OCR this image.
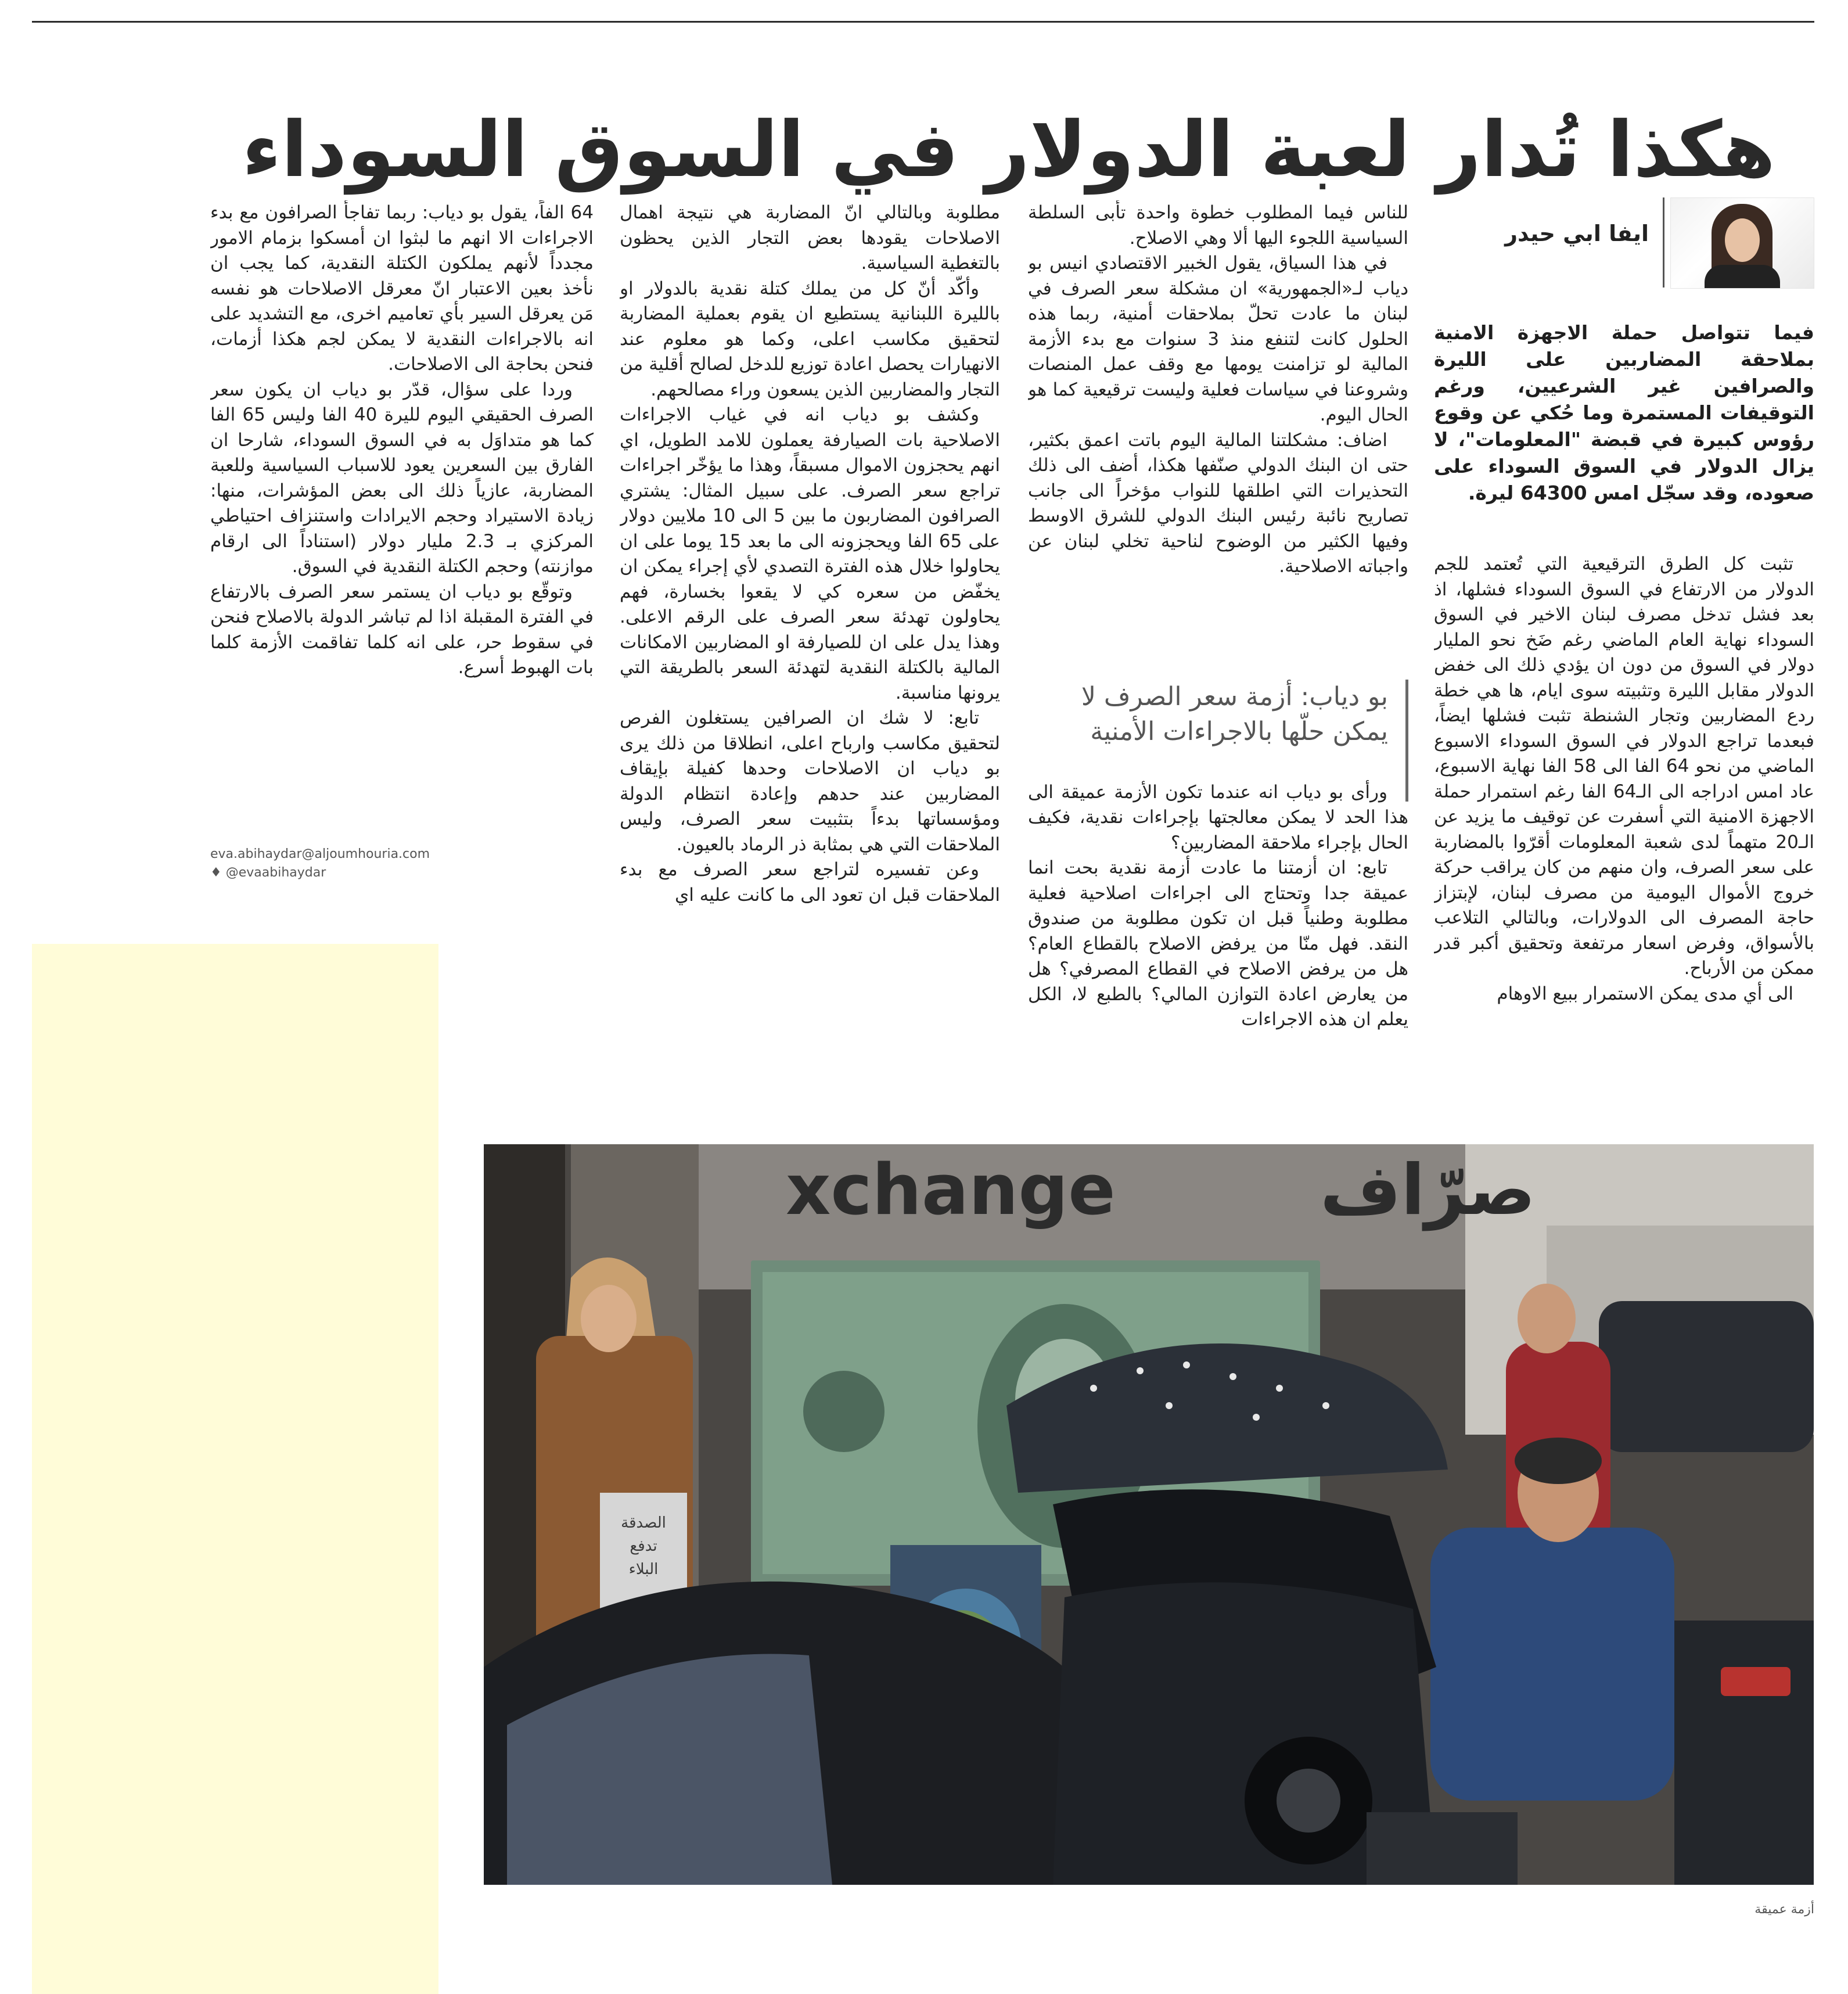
هكذا تُدار لعبة الدولار في السوق السوداء
ايفا ابي حيدر
فيما تتواصل حملة الاجهزة الامنية بملاحقة المضاربين على الليرة والصرافين غير الشرعيين، ورغم التوقيفات المستمرة وما حُكي عن وقوع رؤوس كبيرة في قبضة "المعلومات"، لا يزال الدولار في السوق السوداء على صعوده، وقد سجّل امس 64300 ليرة.

تثبت كل الطرق الترقيعية التي تُعتمد للجم الدولار من الارتفاع في السوق السوداء فشلها، اذ بعد فشل تدخل مصرف لبنان الاخير في السوق السوداء نهاية العام الماضي رغم ضَخ نحو المليار دولار في السوق من دون ان يؤدي ذلك الى خفض الدولار مقابل الليرة وتثبيته سوى ايام، ها هي خطة ردع المضاربين وتجار الشنطة تثبت فشلها ايضاً، فبعدما تراجع الدولار في السوق السوداء الاسبوع الماضي من نحو 64 الفا الى 58 الفا نهاية الاسبوع، عاد امس ادراجه الى الـ64 الفا رغم استمرار حملة الاجهزة الامنية التي أسفرت عن توقيف ما يزيد عن الـ20 متهماً لدى شعبة المعلومات أقرّوا بالمضاربة على سعر الصرف، وان منهم من كان يراقب حركة خروج الأموال اليومية من مصرف لبنان، لإبتزاز حاجة المصرف الى الدولارات، وبالتالي التلاعب بالأسواق، وفرض اسعار مرتفعة وتحقيق أكبر قدر ممكن من الأرباح.

الى أي مدى يمكن الاستمرار ببيع الاوهام

للناس فيما المطلوب خطوة واحدة تأبى السلطة السياسية اللجوء اليها ألا وهي الاصلاح.

في هذا السياق، يقول الخبير الاقتصادي انيس بو دياب لـ«الجمهورية» ان مشكلة سعر الصرف في لبنان ما عادت تحلّ بملاحقات أمنية، ربما هذه الحلول كانت لتنفع منذ 3 سنوات مع بدء الأزمة المالية لو تزامنت يومها مع وقف عمل المنصات وشروعنا في سياسات فعلية وليست ترقيعية كما هو الحال اليوم.

اضاف: مشكلتنا المالية اليوم باتت اعمق بكثير، حتى ان البنك الدولي صنّفها هكذا، أضف الى ذلك التحذيرات التي اطلقها للنواب مؤخراً الى جانب تصاريح نائبة رئيس البنك الدولي للشرق الاوسط وفيها الكثير من الوضوح لناحية تخلي لبنان عن واجباته الاصلاحية.

ورأى بو دياب انه عندما تكون الأزمة عميقة الى هذا الحد لا يمكن معالجتها بإجراءات نقدية، فكيف الحال بإجراء ملاحقة المضاربين؟

تابع: ان أزمتنا ما عادت أزمة نقدية بحت انما عميقة جدا وتحتاج الى اجراءات اصلاحية فعلية مطلوبة وطنياً قبل ان تكون مطلوبة من صندوق النقد. فهل منّا من يرفض الاصلاح بالقطاع العام؟ هل من يرفض الاصلاح في القطاع المصرفي؟ هل من يعارض اعادة التوازن المالي؟ بالطبع لا، الكل يعلم ان هذه الاجراءات

بو دياب: أزمة سعر الصرف لا يمكن حلّها بالاجراءات الأمنية

مطلوبة وبالتالي انّ المضاربة هي نتيجة اهمال الاصلاحات يقودها بعض التجار الذين يحظون بالتغطية السياسية.

وأكّد أنّ كل من يملك كتلة نقدية بالدولار او بالليرة اللبنانية يستطيع ان يقوم بعملية المضاربة لتحقيق مكاسب اعلى، وكما هو معلوم عند الانهيارات يحصل اعادة توزيع للدخل لصالح أقلية من التجار والمضاربين الذين يسعون وراء مصالحهم.

وكشف بو دياب انه في غياب الاجراءات الاصلاحية بات الصيارفة يعملون للامد الطويل، اي انهم يحجزون الاموال مسبقاً، وهذا ما يؤخّر اجراءات تراجع سعر الصرف. على سبيل المثال: يشتري الصرافون المضاربون ما بين 5 الى 10 ملايين دولار على 65 الفا ويحجزونه الى ما بعد 15 يوما على ان يحاولوا خلال هذه الفترة التصدي لأي إجراء يمكن ان يخفّض من سعره كي لا يقعوا بخسارة، فهم يحاولون تهدئة سعر الصرف على الرقم الاعلى. وهذا يدل على ان للصيارفة او المضاربين الامكانات المالية بالكتلة النقدية لتهدئة السعر بالطريقة التي يرونها مناسبة.

تابع: لا شك ان الصرافين يستغلون الفرص لتحقيق مكاسب وارباح اعلى، انطلاقا من ذلك يرى بو دياب ان الاصلاحات وحدها كفيلة بإيقاف المضاربين عند حدهم وإعادة انتظام الدولة ومؤسساتها بدءاً بتثبيت سعر الصرف، وليس الملاحقات التي هي بمثابة ذر الرماد بالعيون.

وعن تفسيره لتراجع سعر الصرف مع بدء الملاحقات قبل ان تعود الى ما كانت عليه اي

64 الفاً، يقول بو دياب: ربما تفاجأ الصرافون مع بدء الاجراءات الا انهم ما لبثوا ان أمسكوا بزمام الامور مجدداً لأنهم يملكون الكتلة النقدية، كما يجب ان نأخذ بعين الاعتبار انّ معرقل الاصلاحات هو نفسه مَن يعرقل السير بأي تعاميم اخرى، مع التشديد على انه بالاجراءات النقدية لا يمكن لجم هكذا أزمات، فنحن بحاجة الى الاصلاحات.

وردا على سؤال، قدّر بو دياب ان يكون سعر الصرف الحقيقي اليوم لليرة 40 الفا وليس 65 الفا كما هو متداوَل به في السوق السوداء، شارحا ان الفارق بين السعرين يعود للاسباب السياسية وللعبة المضاربة، عازياً ذلك الى بعض المؤشرات، منها: زيادة الاستيراد وحجم الايرادات واستنزاف احتياطي المركزي بـ 2.3 مليار دولار (استناداً الى ارقام موازنته) وحجم الكتلة النقدية في السوق.

وتوقّع بو دياب ان يستمر سعر الصرف بالارتفاع في الفترة المقبلة اذا لم تباشر الدولة بالاصلاح فنحن في سقوط حر، على انه كلما تفاقمت الأزمة كلما بات الهبوط أسرع.

eva.abihaydar@aljoumhouria.com
♦ @evaabihaydar
الصدقة
تدفع
البلاء
xchange	صرّاف
أزمة عميقة
